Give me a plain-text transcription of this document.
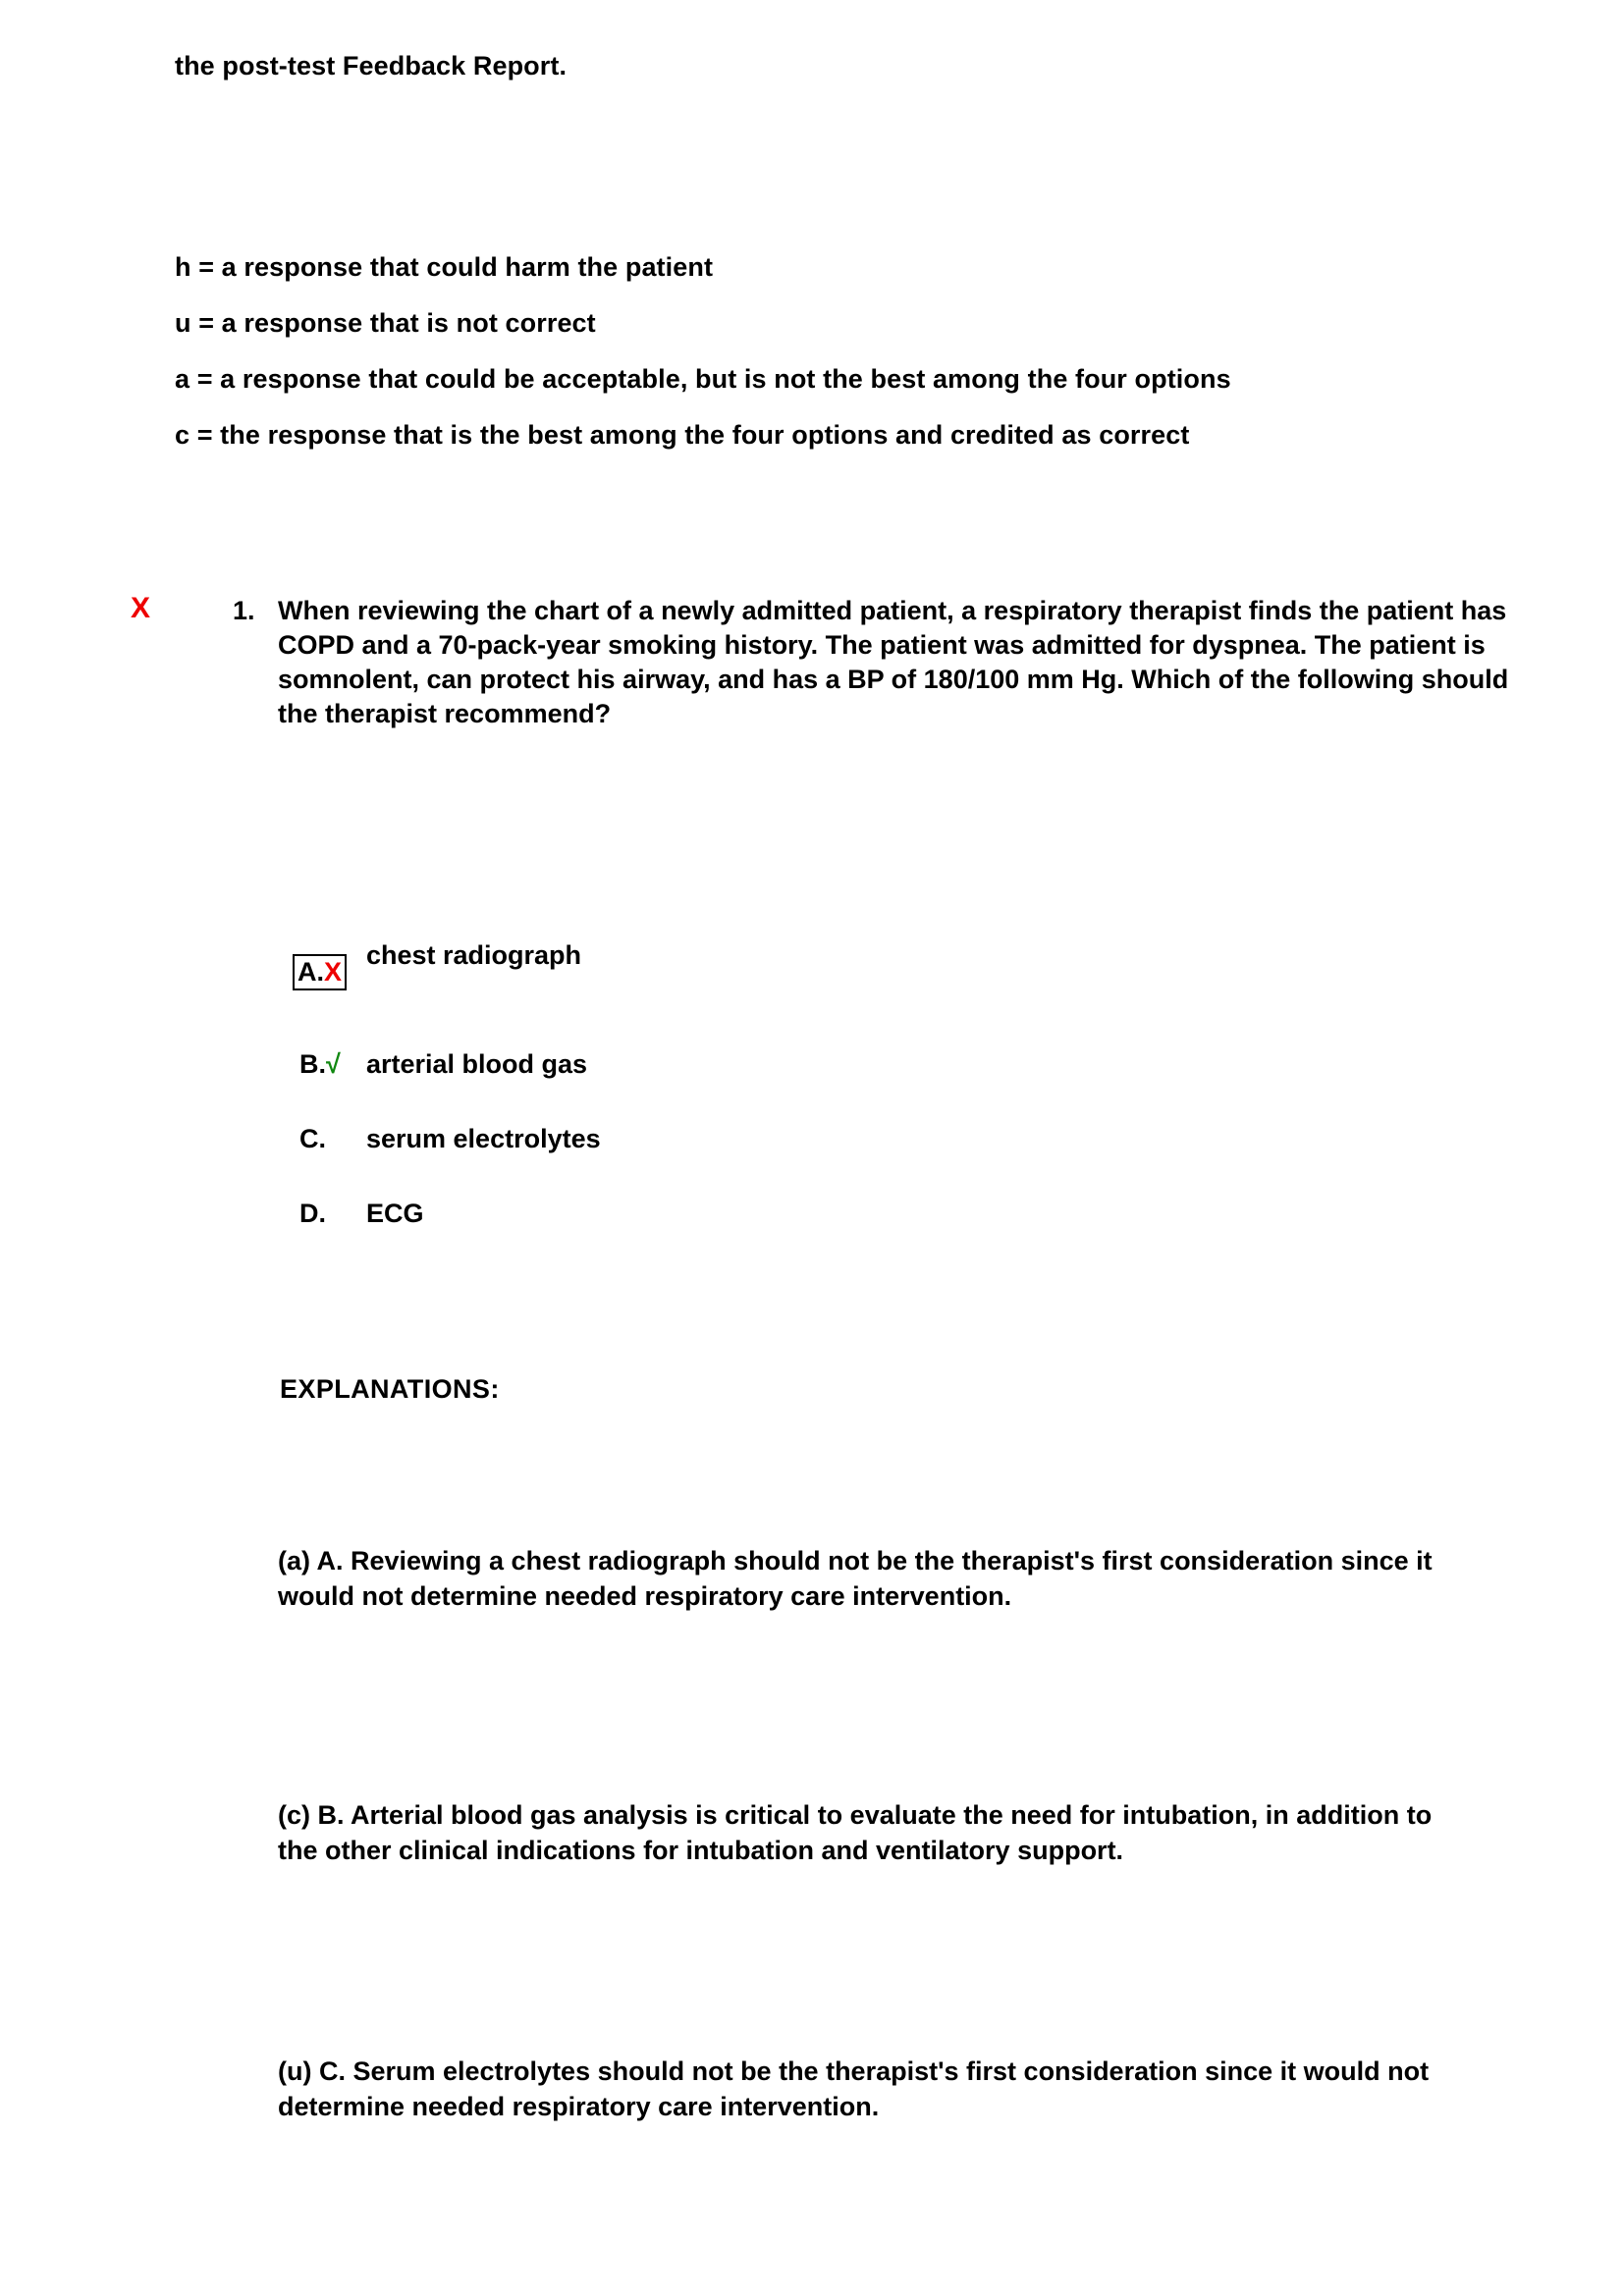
the post-test Feedback Report.
h = a response that could harm the patient
u = a response that is not correct
a = a response that could be acceptable, but is not the best among the four options
c = the response that is the best among the four options and credited as correct
X	1. When reviewing the chart of a newly admitted patient, a respiratory therapist finds the patient has COPD and a 70-pack-year smoking history. The patient was admitted for dyspnea. The patient is somnolent, can protect his airway, and has a BP of 180/100 mm Hg. Which of the following should the therapist recommend?
A.X
chest radiograph
B.√ arterial blood gas
C. serum electrolytes
D. ECG
EXPLANATIONS:
(a) A. Reviewing a chest radiograph should not be the therapist's first consideration since it would not determine needed respiratory care intervention.
(c) B. Arterial blood gas analysis is critical to evaluate the need for intubation, in addition to the other clinical indications for intubation and ventilatory support.
(u) C. Serum electrolytes should not be the therapist's first consideration since it would not determine needed respiratory care intervention.
